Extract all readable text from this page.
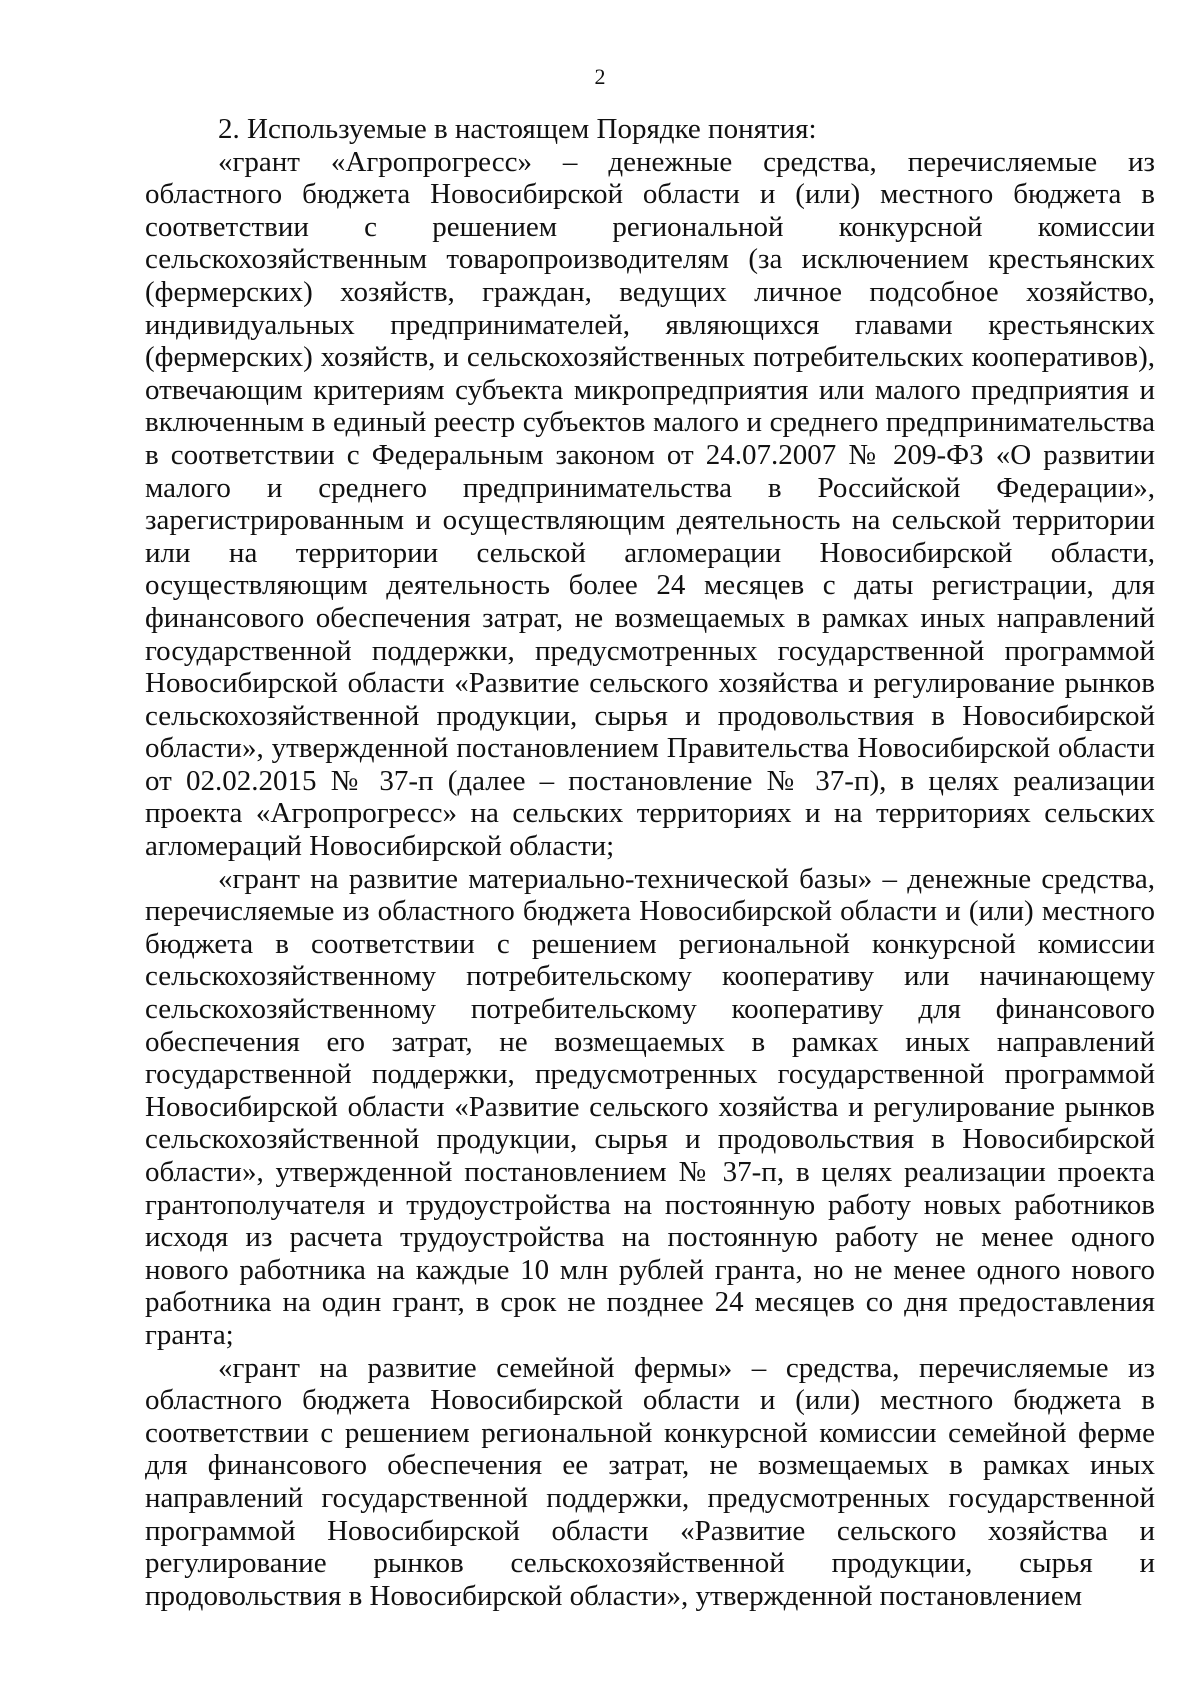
2

2. Используемые в настоящем Порядке понятия:

«грант «Агропрогресс» – денежные средства, перечисляемые из областного бюджета Новосибирской области и (или) местного бюджета в соответствии с решением региональной конкурсной комиссии сельскохозяйственным товаропроизводителям (за исключением крестьянских (фермерских) хозяйств, граждан, ведущих личное подсобное хозяйство, индивидуальных предпринимателей, являющихся главами крестьянских (фермерских) хозяйств, и сельскохозяйственных потребительских кооперативов), отвечающим критериям субъекта микропредприятия или малого предприятия и включенным в единый реестр субъектов малого и среднего предпринимательства в соответствии с Федеральным законом от 24.07.2007 № 209-ФЗ «О развитии малого и среднего предпринимательства в Российской Федерации», зарегистрированным и осуществляющим деятельность на сельской территории или на территории сельской агломерации Новосибирской области, осуществляющим деятельность более 24 месяцев с даты регистрации, для финансового обеспечения затрат, не возмещаемых в рамках иных направлений государственной поддержки, предусмотренных государственной программой Новосибирской области «Развитие сельского хозяйства и регулирование рынков сельскохозяйственной продукции, сырья и продовольствия в Новосибирской области», утвержденной постановлением Правительства Новосибирской области от 02.02.2015 № 37-п (далее – постановление № 37-п), в целях реализации проекта «Агропрогресс» на сельских территориях и на территориях сельских агломераций Новосибирской области;

«грант на развитие материально-технической базы» – денежные средства, перечисляемые из областного бюджета Новосибирской области и (или) местного бюджета в соответствии с решением региональной конкурсной комиссии сельскохозяйственному потребительскому кооперативу или начинающему сельскохозяйственному потребительскому кооперативу для финансового обеспечения его затрат, не возмещаемых в рамках иных направлений государственной поддержки, предусмотренных государственной программой Новосибирской области «Развитие сельского хозяйства и регулирование рынков сельскохозяйственной продукции, сырья и продовольствия в Новосибирской области», утвержденной постановлением № 37-п, в целях реализации проекта грантополучателя и трудоустройства на постоянную работу новых работников исходя из расчета трудоустройства на постоянную работу не менее одного нового работника на каждые 10 млн рублей гранта, но не менее одного нового работника на один грант, в срок не позднее 24 месяцев со дня предоставления гранта;

«грант на развитие семейной фермы» – средства, перечисляемые из областного бюджета Новосибирской области и (или) местного бюджета в соответствии с решением региональной конкурсной комиссии семейной ферме для финансового обеспечения ее затрат, не возмещаемых в рамках иных направлений государственной поддержки, предусмотренных государственной программой Новосибирской области «Развитие сельского хозяйства и регулирование рынков сельскохозяйственной продукции, сырья и продовольствия в Новосибирской области», утвержденной постановлением
